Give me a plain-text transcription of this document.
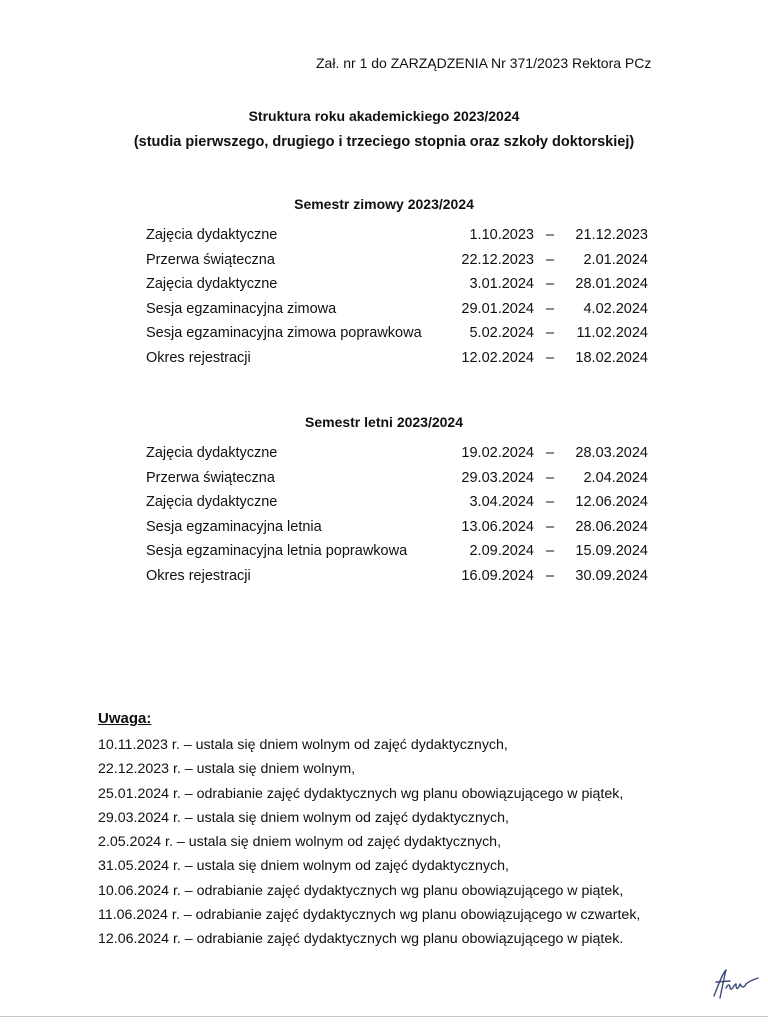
Zał. nr 1 do ZARZĄDZENIA Nr 371/2023 Rektora PCz
Struktura roku akademickiego 2023/2024
(studia pierwszego, drugiego i trzeciego stopnia oraz szkoły doktorskiej)
Semestr zimowy 2023/2024
Zajęcia dydaktyczne	1.10.2023 – 21.12.2023
Przerwa świąteczna	22.12.2023 – 2.01.2024
Zajęcia dydaktyczne	3.01.2024 – 28.01.2024
Sesja egzaminacyjna zimowa	29.01.2024 – 4.02.2024
Sesja egzaminacyjna zimowa poprawkowa	5.02.2024 – 11.02.2024
Okres rejestracji	12.02.2024 – 18.02.2024
Semestr letni 2023/2024
Zajęcia dydaktyczne	19.02.2024 – 28.03.2024
Przerwa świąteczna	29.03.2024 – 2.04.2024
Zajęcia dydaktyczne	3.04.2024 – 12.06.2024
Sesja egzaminacyjna letnia	13.06.2024 – 28.06.2024
Sesja egzaminacyjna letnia poprawkowa	2.09.2024 – 15.09.2024
Okres rejestracji	16.09.2024 – 30.09.2024
Uwaga:
10.11.2023 r. – ustala się dniem wolnym od zajęć dydaktycznych,
22.12.2023 r. – ustala się dniem wolnym,
25.01.2024 r. – odrabianie zajęć dydaktycznych wg planu obowiązującego w piątek,
29.03.2024 r. – ustala się dniem wolnym od zajęć dydaktycznych,
2.05.2024 r. – ustala się dniem wolnym od zajęć dydaktycznych,
31.05.2024 r. – ustala się dniem wolnym od zajęć dydaktycznych,
10.06.2024 r. – odrabianie zajęć dydaktycznych wg planu obowiązującego w piątek,
11.06.2024 r. – odrabianie zajęć dydaktycznych wg planu obowiązującego w czwartek,
12.06.2024 r. – odrabianie zajęć dydaktycznych wg planu obowiązującego w piątek.
